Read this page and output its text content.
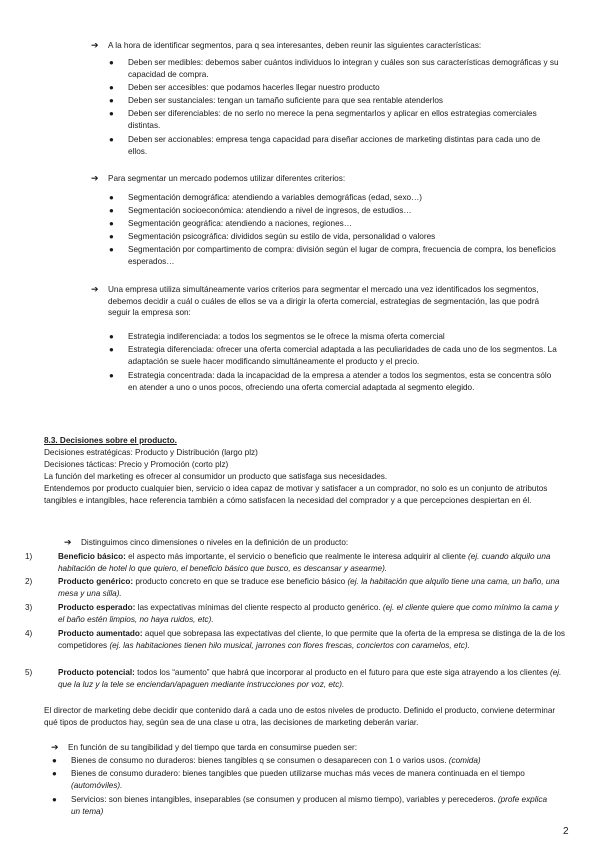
➔	A la hora de identificar segmentos, para q sea interesantes, deben reunir las siguientes características:
●	Deben ser medibles: debemos saber cuántos individuos lo integran y cuáles son sus características demográficas y su capacidad de compra.
●	Deben ser accesibles: que podamos hacerles llegar nuestro producto
●	Deben ser sustanciales: tengan un tamaño suficiente para que sea rentable atenderlos
●	Deben ser diferenciables: de no serlo no merece la pena segmentarlos y aplicar en ellos estrategias comerciales distintas.
●	Deben ser accionables: empresa tenga capacidad para diseñar acciones de marketing distintas para cada uno de ellos.
➔	Para segmentar un mercado podemos utilizar diferentes criterios:
●	Segmentación demográfica: atendiendo a variables demográficas (edad, sexo…)
●	Segmentación socioeconómica: atendiendo a nivel de ingresos, de estudios…
●	Segmentación geográfica: atendiendo a naciones, regiones…
●	Segmentación psicográfica: divididos según su estilo de vida, personalidad o valores
●	Segmentación por compartimento de compra: división según el lugar de compra, frecuencia de compra, los beneficios esperados…
➔	Una empresa utiliza simultáneamente varios criterios para segmentar el mercado una vez identificados los segmentos, debemos decidir a cuál o cuáles de ellos se va a dirigir la oferta comercial, estrategias de segmentación, las que podrá seguir la empresa son:
●	Estrategia indiferenciada: a todos los segmentos se le ofrece la misma oferta comercial
●	Estrategia diferenciada: ofrecer una oferta comercial adaptada a las peculiaridades de cada uno de los segmentos. La adaptación se suele hacer modificando simultáneamente el producto y el precio.
●	Estrategia concentrada: dada la incapacidad de la empresa a atender a todos los segmentos, esta se concentra sólo en atender a uno o unos pocos, ofreciendo una oferta comercial adaptada al segmento elegido.
8.3. Decisiones sobre el producto.
Decisiones estratégicas: Producto y Distribución (largo plz)
Decisiones tácticas: Precio y Promoción (corto plz)
La función del marketing es ofrecer al consumidor un producto que satisfaga sus necesidades.
Entendemos por producto cualquier bien, servicio o idea capaz de motivar y satisfacer a un comprador, no solo es un conjunto de atributos tangibles e intangibles, hace referencia también a cómo satisfacen la necesidad del comprador y a que percepciones despiertan en él.
➔	Distinguimos cinco dimensiones o niveles en la definición de un producto:
1)	Beneficio básico: el aspecto más importante, el servicio o beneficio que realmente le interesa adquirir al cliente (ej. cuando alquilo una habitación de hotel lo que quiero, el beneficio básico que busco, es descansar y asearme).
2)	Producto genérico: producto concreto en que se traduce ese beneficio básico (ej. la habitación que alquilo tiene una cama, un baño, una mesa y una silla).
3)	Producto esperado: las expectativas mínimas del cliente respecto al producto genérico. (ej. el cliente quiere que como mínimo la cama y el baño estén limpios, no haya ruidos, etc).
4)	Producto aumentado: aquel que sobrepasa las expectativas del cliente, lo que permite que la oferta de la empresa se distinga de la de los competidores (ej. las habitaciones tienen hilo musical, jarrones con flores frescas, conciertos con caramelos, etc).
5)	Producto potencial: todos los “aumento” que habrá que incorporar al producto en el futuro para que este siga atrayendo a los clientes (ej. que la luz y la tele se enciendan/apaguen mediante instrucciones por voz, etc).
El director de marketing debe decidir que contenido dará a cada uno de estos niveles de producto. Definido el producto, conviene determinar qué tipos de productos hay, según sea de una clase u otra, las decisiones de marketing deberán variar.
➔	En función de su tangibilidad y del tiempo que tarda en consumirse pueden ser:
●	Bienes de consumo no duraderos: bienes tangibles q se consumen o desaparecen con 1 o varios usos. (comida)
●	Bienes de consumo duradero: bienes tangibles que pueden utilizarse muchas más veces de manera continuada en el tiempo (automóviles).
●	Servicios: son bienes intangibles, inseparables (se consumen y producen al mismo tiempo), variables y perecederos. (profe explica un tema)
2
